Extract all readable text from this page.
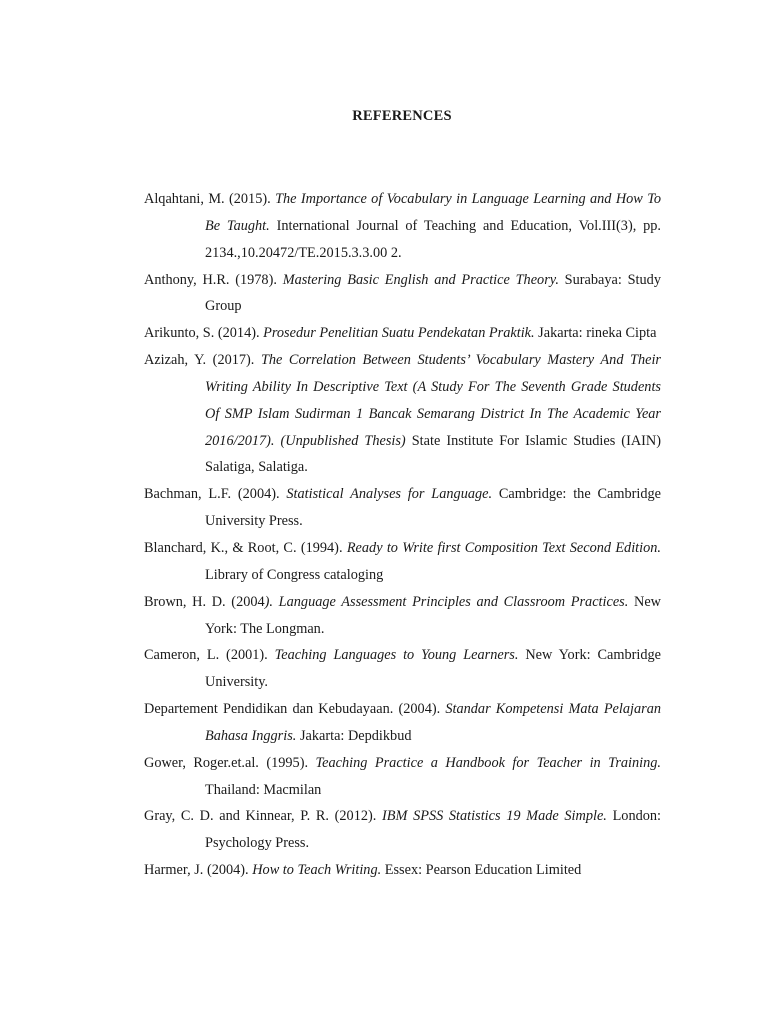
REFERENCES

Alqahtani, M. (2015). The Importance of Vocabulary in Language Learning and How To Be Taught. International Journal of Teaching and Education, Vol.III(3), pp. 2134.,10.20472/TE.2015.3.3.00 2.

Anthony, H.R. (1978). Mastering Basic English and Practice Theory. Surabaya: Study Group

Arikunto, S. (2014). Prosedur Penelitian Suatu Pendekatan Praktik. Jakarta: rineka Cipta

Azizah, Y. (2017). The Correlation Between Students’ Vocabulary Mastery And Their Writing Ability In Descriptive Text (A Study For The Seventh Grade Students Of SMP Islam Sudirman 1 Bancak Semarang District In The Academic Year 2016/2017). (Unpublished Thesis) State Institute For Islamic Studies (IAIN) Salatiga, Salatiga.

Bachman, L.F. (2004). Statistical Analyses for Language. Cambridge: the Cambridge University Press.

Blanchard, K., & Root, C. (1994). Ready to Write first Composition Text Second Edition. Library of Congress cataloging

Brown, H. D. (2004). Language Assessment Principles and Classroom Practices. New York: The Longman.

Cameron, L. (2001). Teaching Languages to Young Learners. New York: Cambridge University.

Departement Pendidikan dan Kebudayaan. (2004). Standar Kompetensi Mata Pelajaran Bahasa Inggris. Jakarta: Depdikbud

Gower, Roger.et.al. (1995). Teaching Practice a Handbook for Teacher in Training. Thailand: Macmilan

Gray, C. D. and Kinnear, P. R. (2012). IBM SPSS Statistics 19 Made Simple. London: Psychology Press.

Harmer, J. (2004). How to Teach Writing. Essex: Pearson Education Limited
